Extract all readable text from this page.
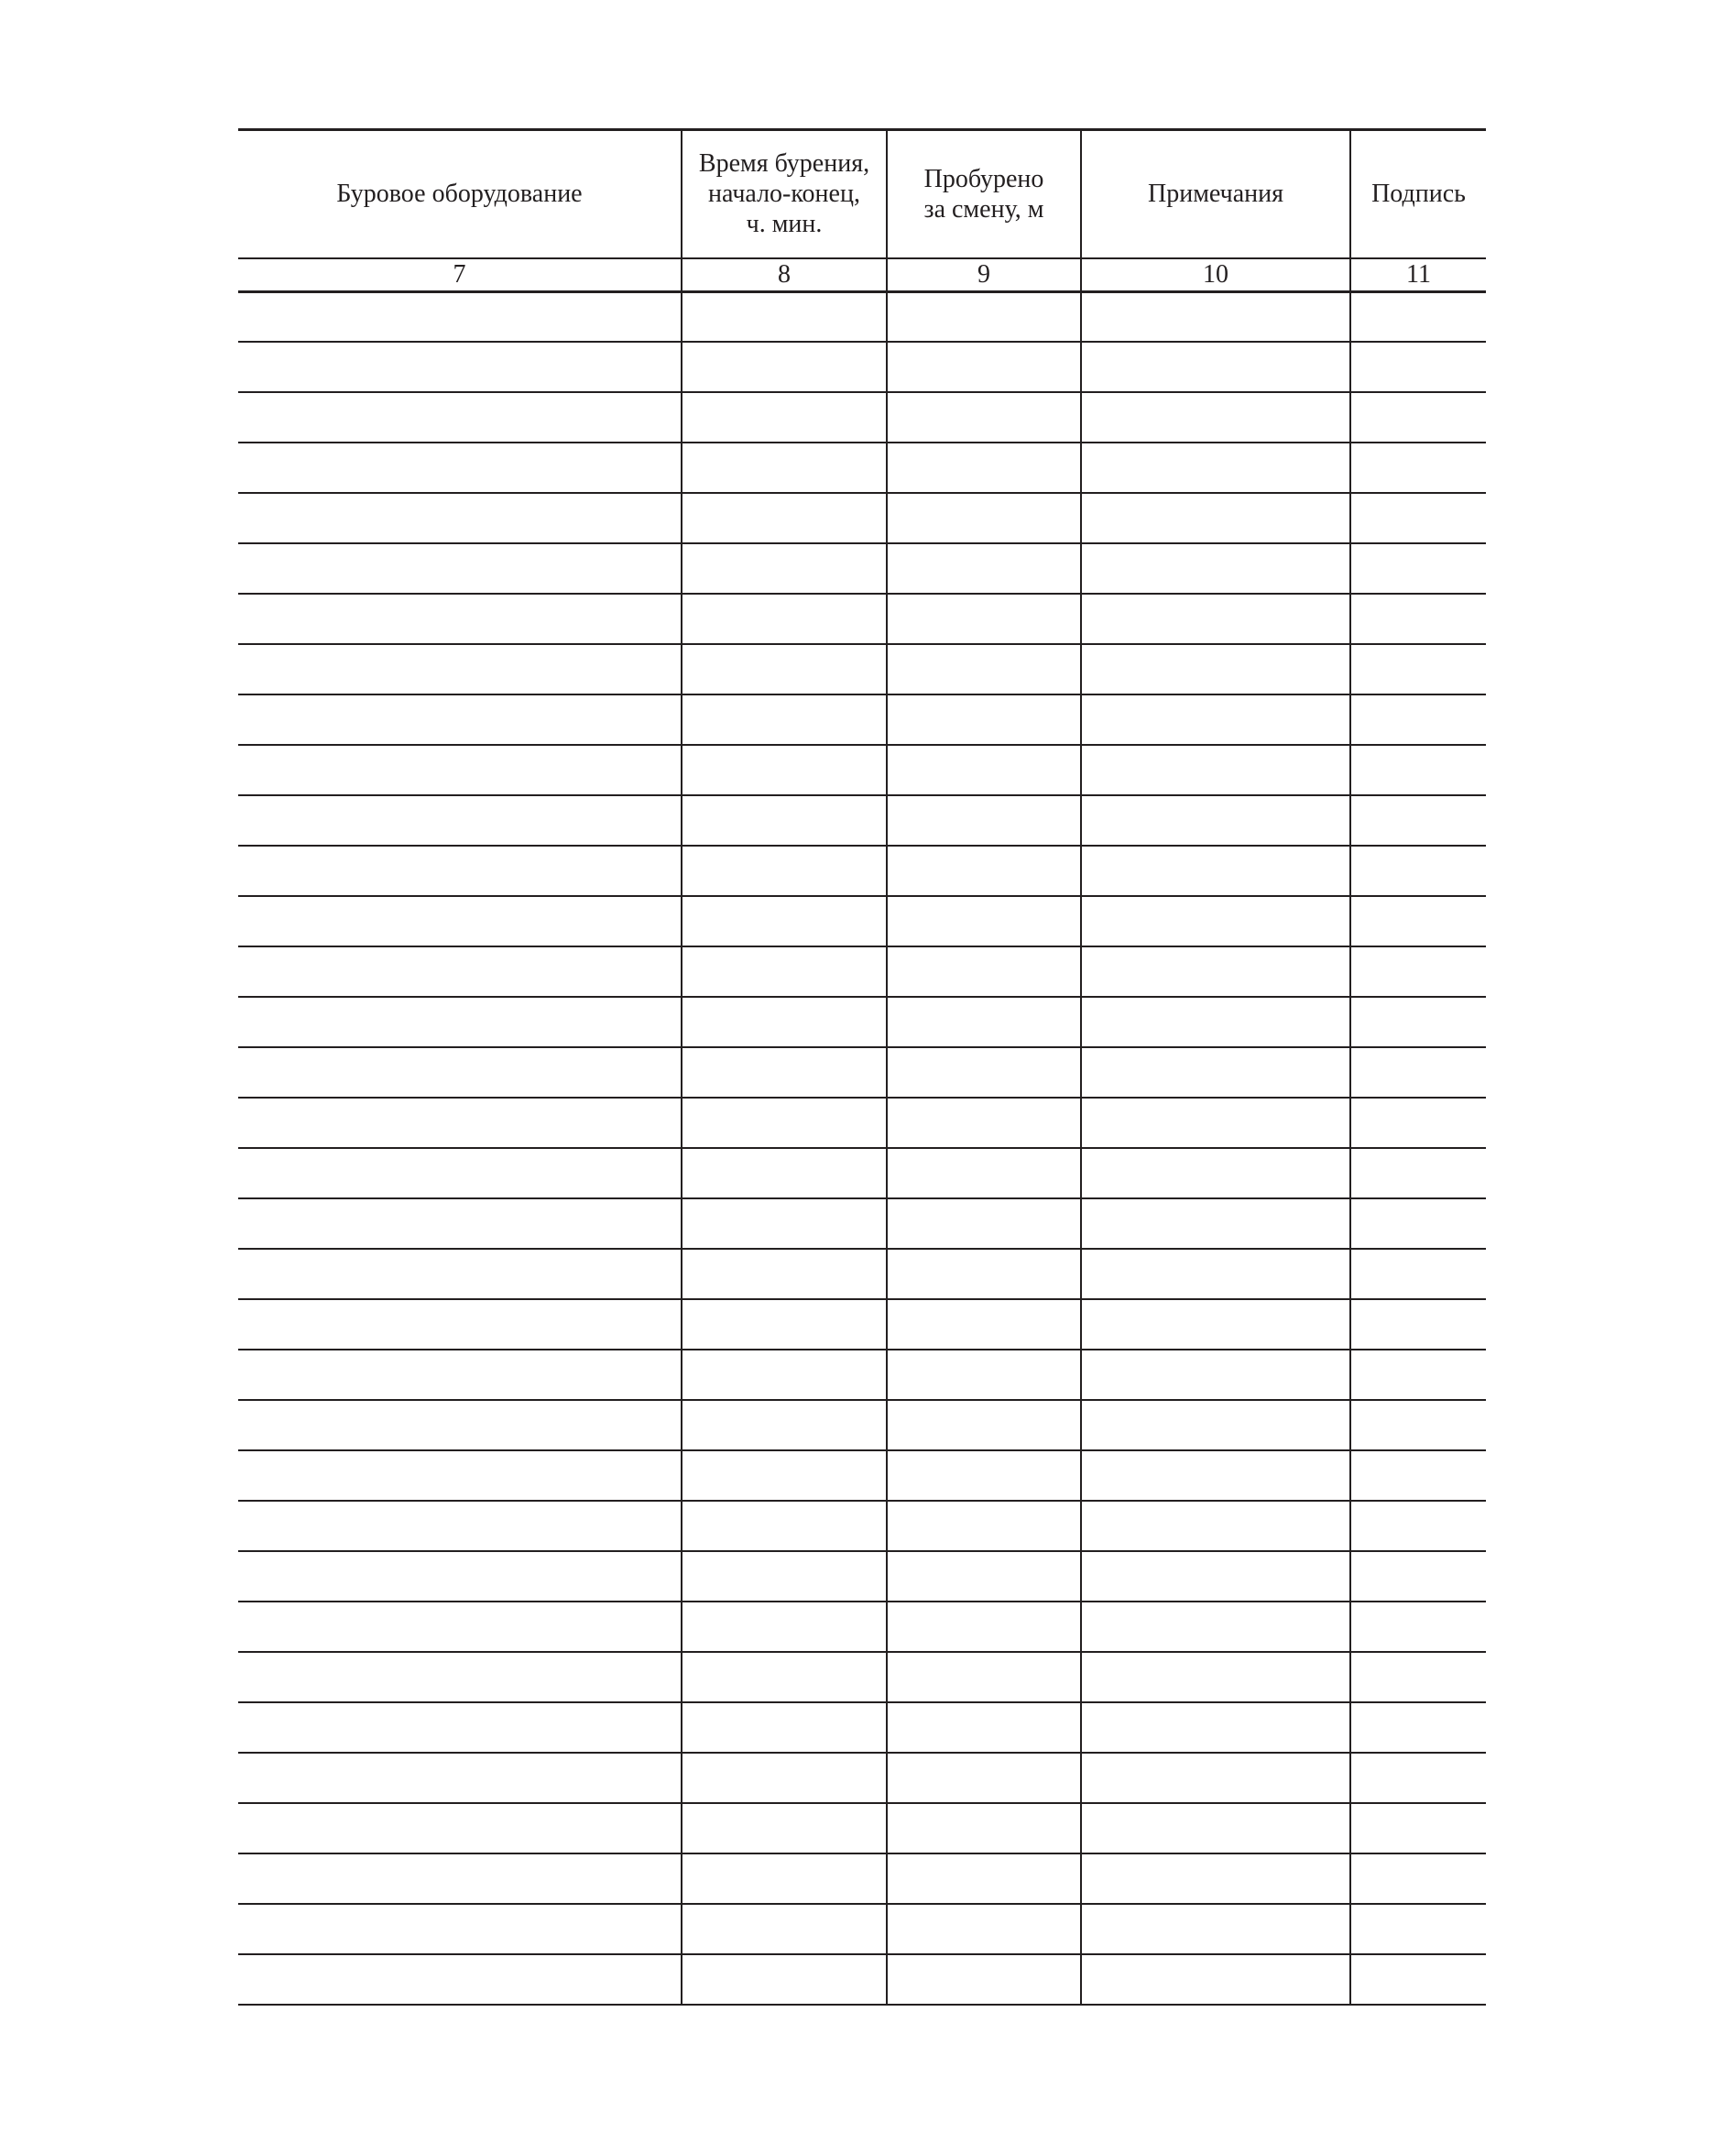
Буровое оборудование	Время бурения,
начало-конец,
ч. мин.	Пробурено
за смену, м	Примечания	Подпись
7	8	9	10	11
